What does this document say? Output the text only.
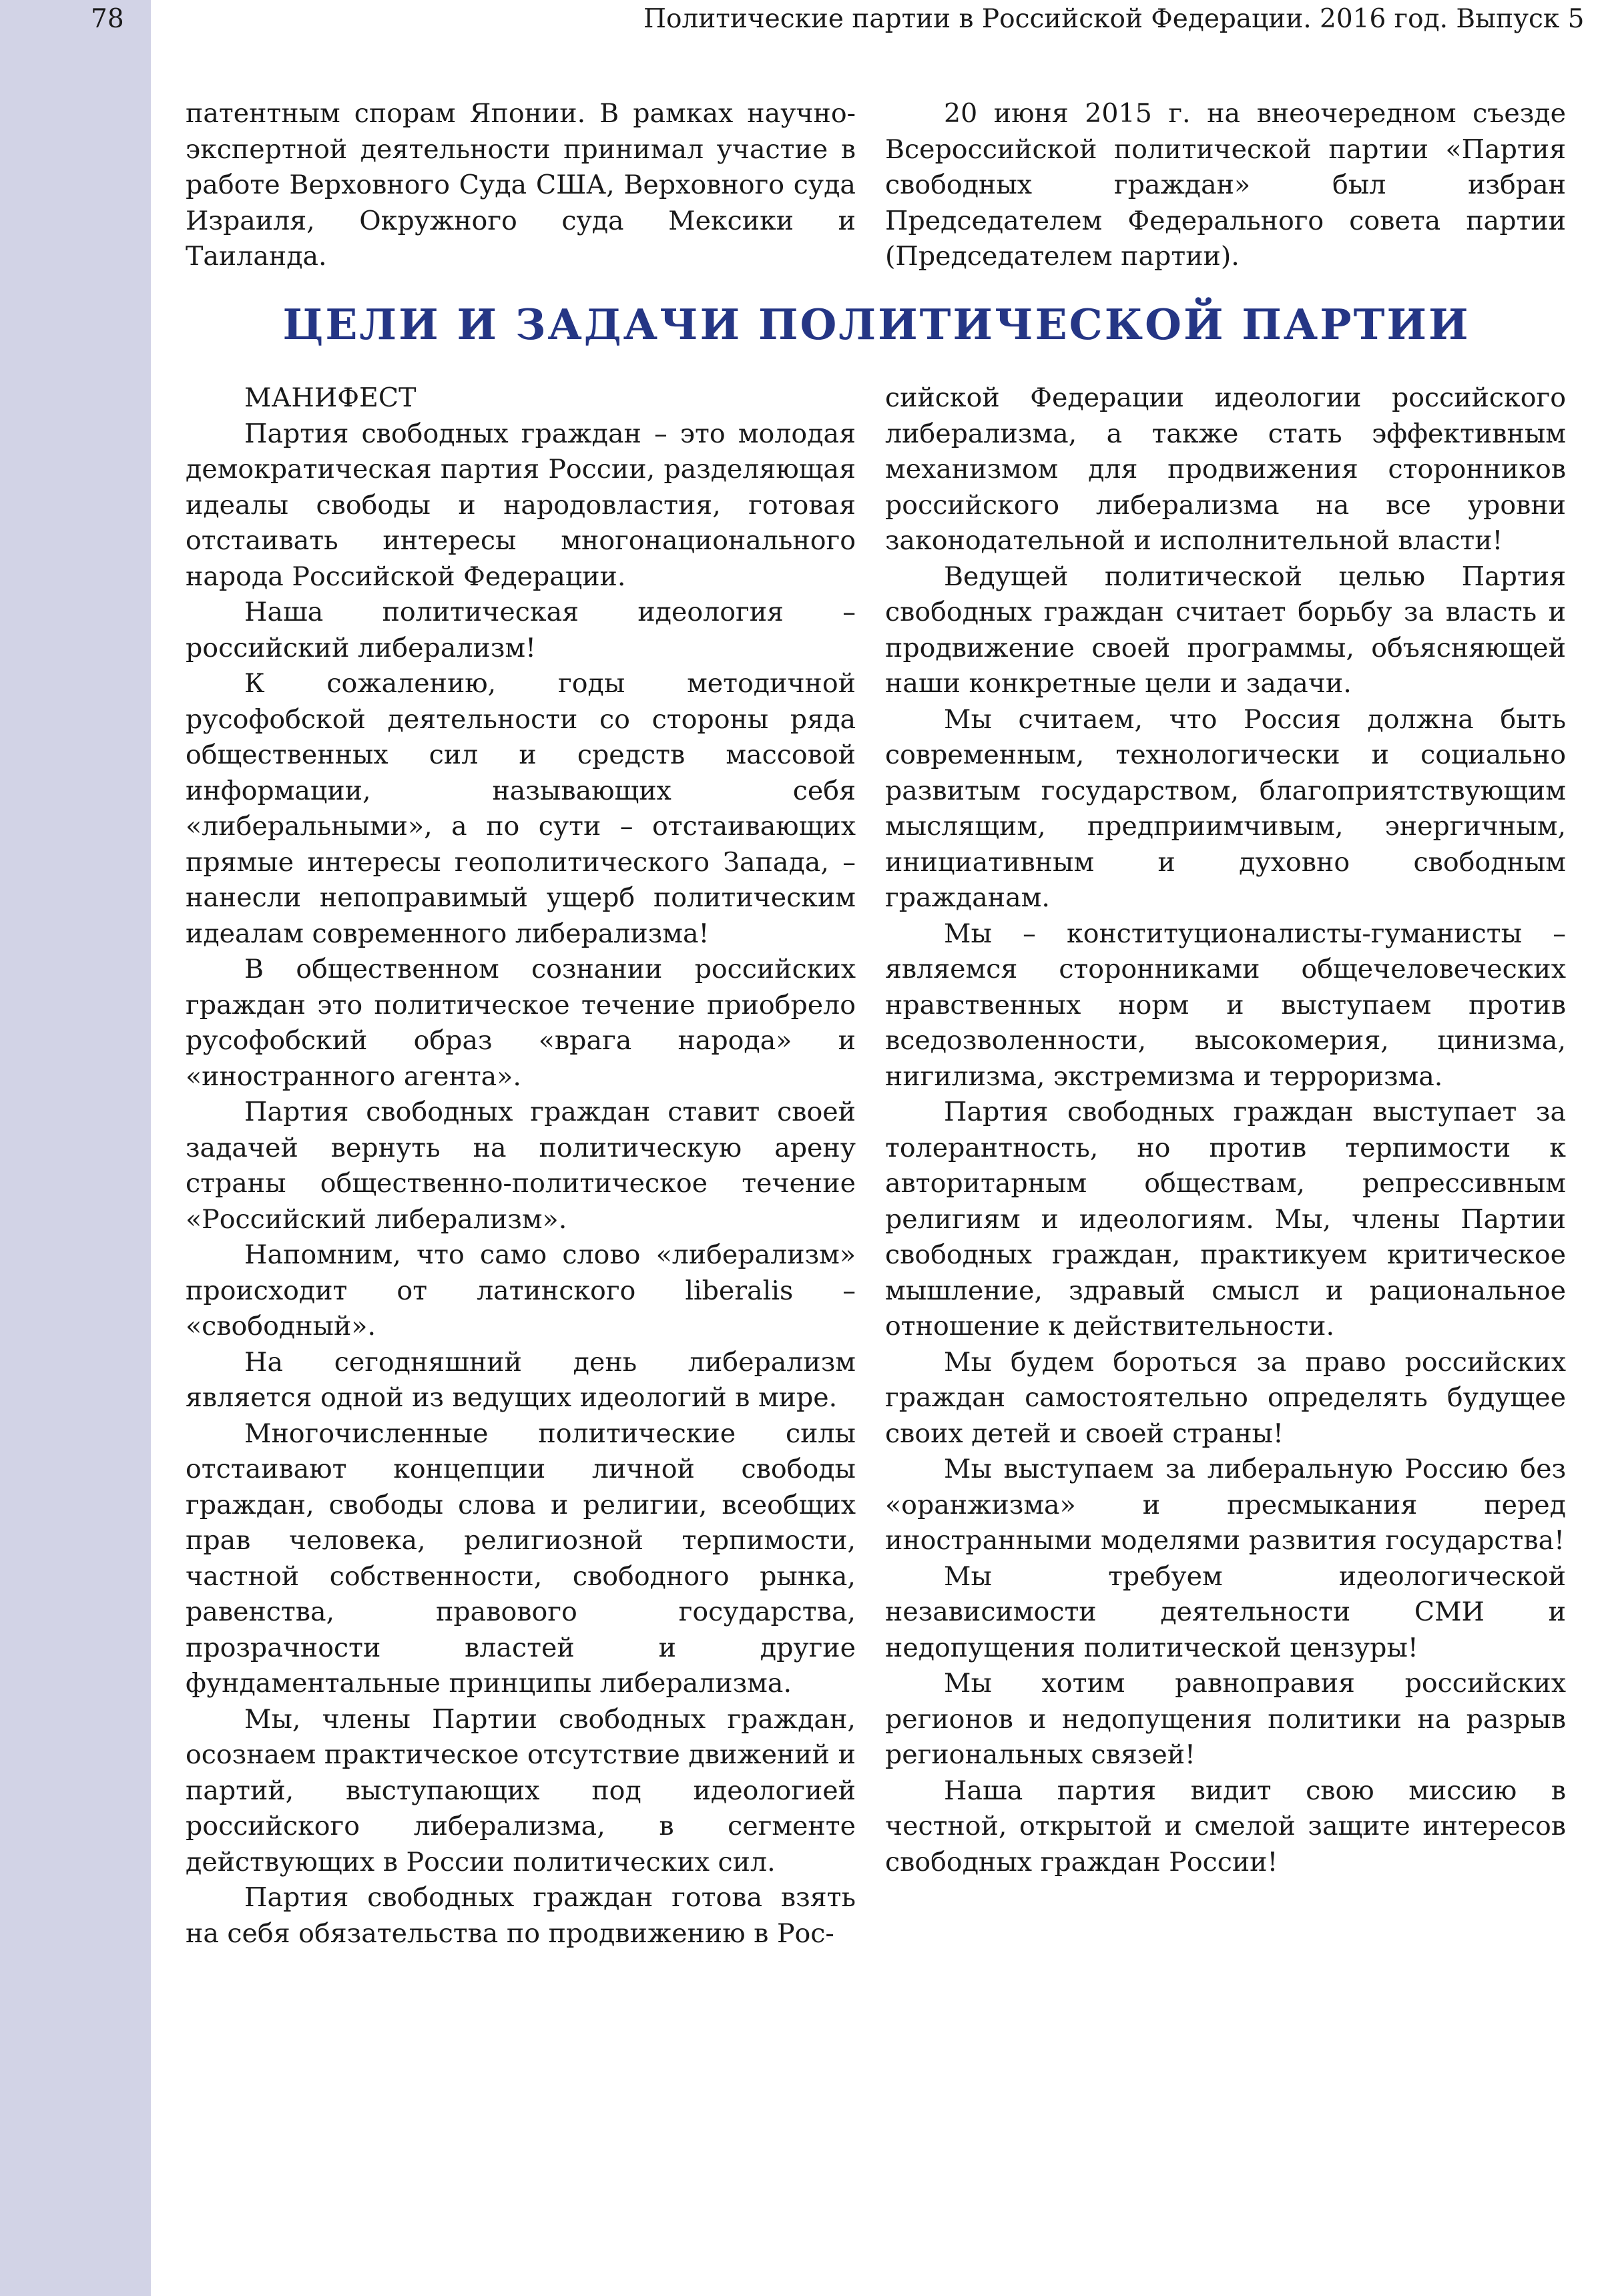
78	Политические партии в Российской Федерации. 2016 год. Выпуск 5

патентным спорам Японии. В рамках научно-экспертной деятельности принимал участие в работе Верховного Суда США, Верховного суда Израиля, Окружного суда Мексики и Таиланда.

20 июня 2015 г. на внеочередном съезде Всероссийской политической партии «Партия свободных граждан» был избран Председателем Федерального совета партии (Председателем партии).

ЦЕЛИ И ЗАДАЧИ ПОЛИТИЧЕСКОЙ ПАРТИИ

МАНИФЕСТ

Партия свободных граждан – это молодая демократическая партия России, разделяющая идеалы свободы и народовластия, готовая отстаивать интересы многонационального народа Российской Федерации.

Наша политическая идеология – российский либерализм!

К сожалению, годы методичной русофобской деятельности со стороны ряда общественных сил и средств массовой информации, называющих себя «либеральными», а по сути – отстаивающих прямые интересы геополитического Запада, – нанесли непоправимый ущерб политическим идеалам современного либерализма!

В общественном сознании российских граждан это политическое течение приобрело русофобский образ «врага народа» и «иностранного агента».

Партия свободных граждан ставит своей задачей вернуть на политическую арену страны общественно-политическое течение «Российский либерализм».

Напомним, что само слово «либерализм» происходит от латинского liberalis – «свободный».

На сегодняшний день либерализм является одной из ведущих идеологий в мире.

Многочисленные политические силы отстаивают концепции личной свободы граждан, свободы слова и религии, всеобщих прав человека, религиозной терпимости, частной собственности, свободного рынка, равенства, правового государства, прозрачности властей и другие фундаментальные принципы либерализма.

Мы, члены Партии свободных граждан, осознаем практическое отсутствие движений и партий, выступающих под идеологией российского либерализма, в сегменте действующих в России политических сил.

Партия свободных граждан готова взять на себя обязательства по продвижению в Рос-

сийской Федерации идеологии российского либерализма, а также стать эффективным механизмом для продвижения сторонников российского либерализма на все уровни законодательной и исполнительной власти!

Ведущей политической целью Партия свободных граждан считает борьбу за власть и продвижение своей программы, объясняющей наши конкретные цели и задачи.

Мы считаем, что Россия должна быть современным, технологически и социально развитым государством, благоприятствующим мыслящим, предприимчивым, энергичным, инициативным и духовно свободным гражданам.

Мы – конституционалисты-гуманисты – являемся сторонниками общечеловеческих нравственных норм и выступаем против вседозволенности, высокомерия, цинизма, нигилизма, экстремизма и терроризма.

Партия свободных граждан выступает за толерантность, но против терпимости к авторитарным обществам, репрессивным религиям и идеологиям. Мы, члены Партии свободных граждан, практикуем критическое мышление, здравый смысл и рациональное отношение к действительности.

Мы будем бороться за право российских граждан самостоятельно определять будущее своих детей и своей страны!

Мы выступаем за либеральную Россию без «оранжизма» и пресмыкания перед иностранными моделями развития государства!

Мы требуем идеологической независимости деятельности СМИ и недопущения политической цензуры!

Мы хотим равноправия российских регионов и недопущения политики на разрыв региональных связей!

Наша партия видит свою миссию в честной, открытой и смелой защите интересов свободных граждан России!
